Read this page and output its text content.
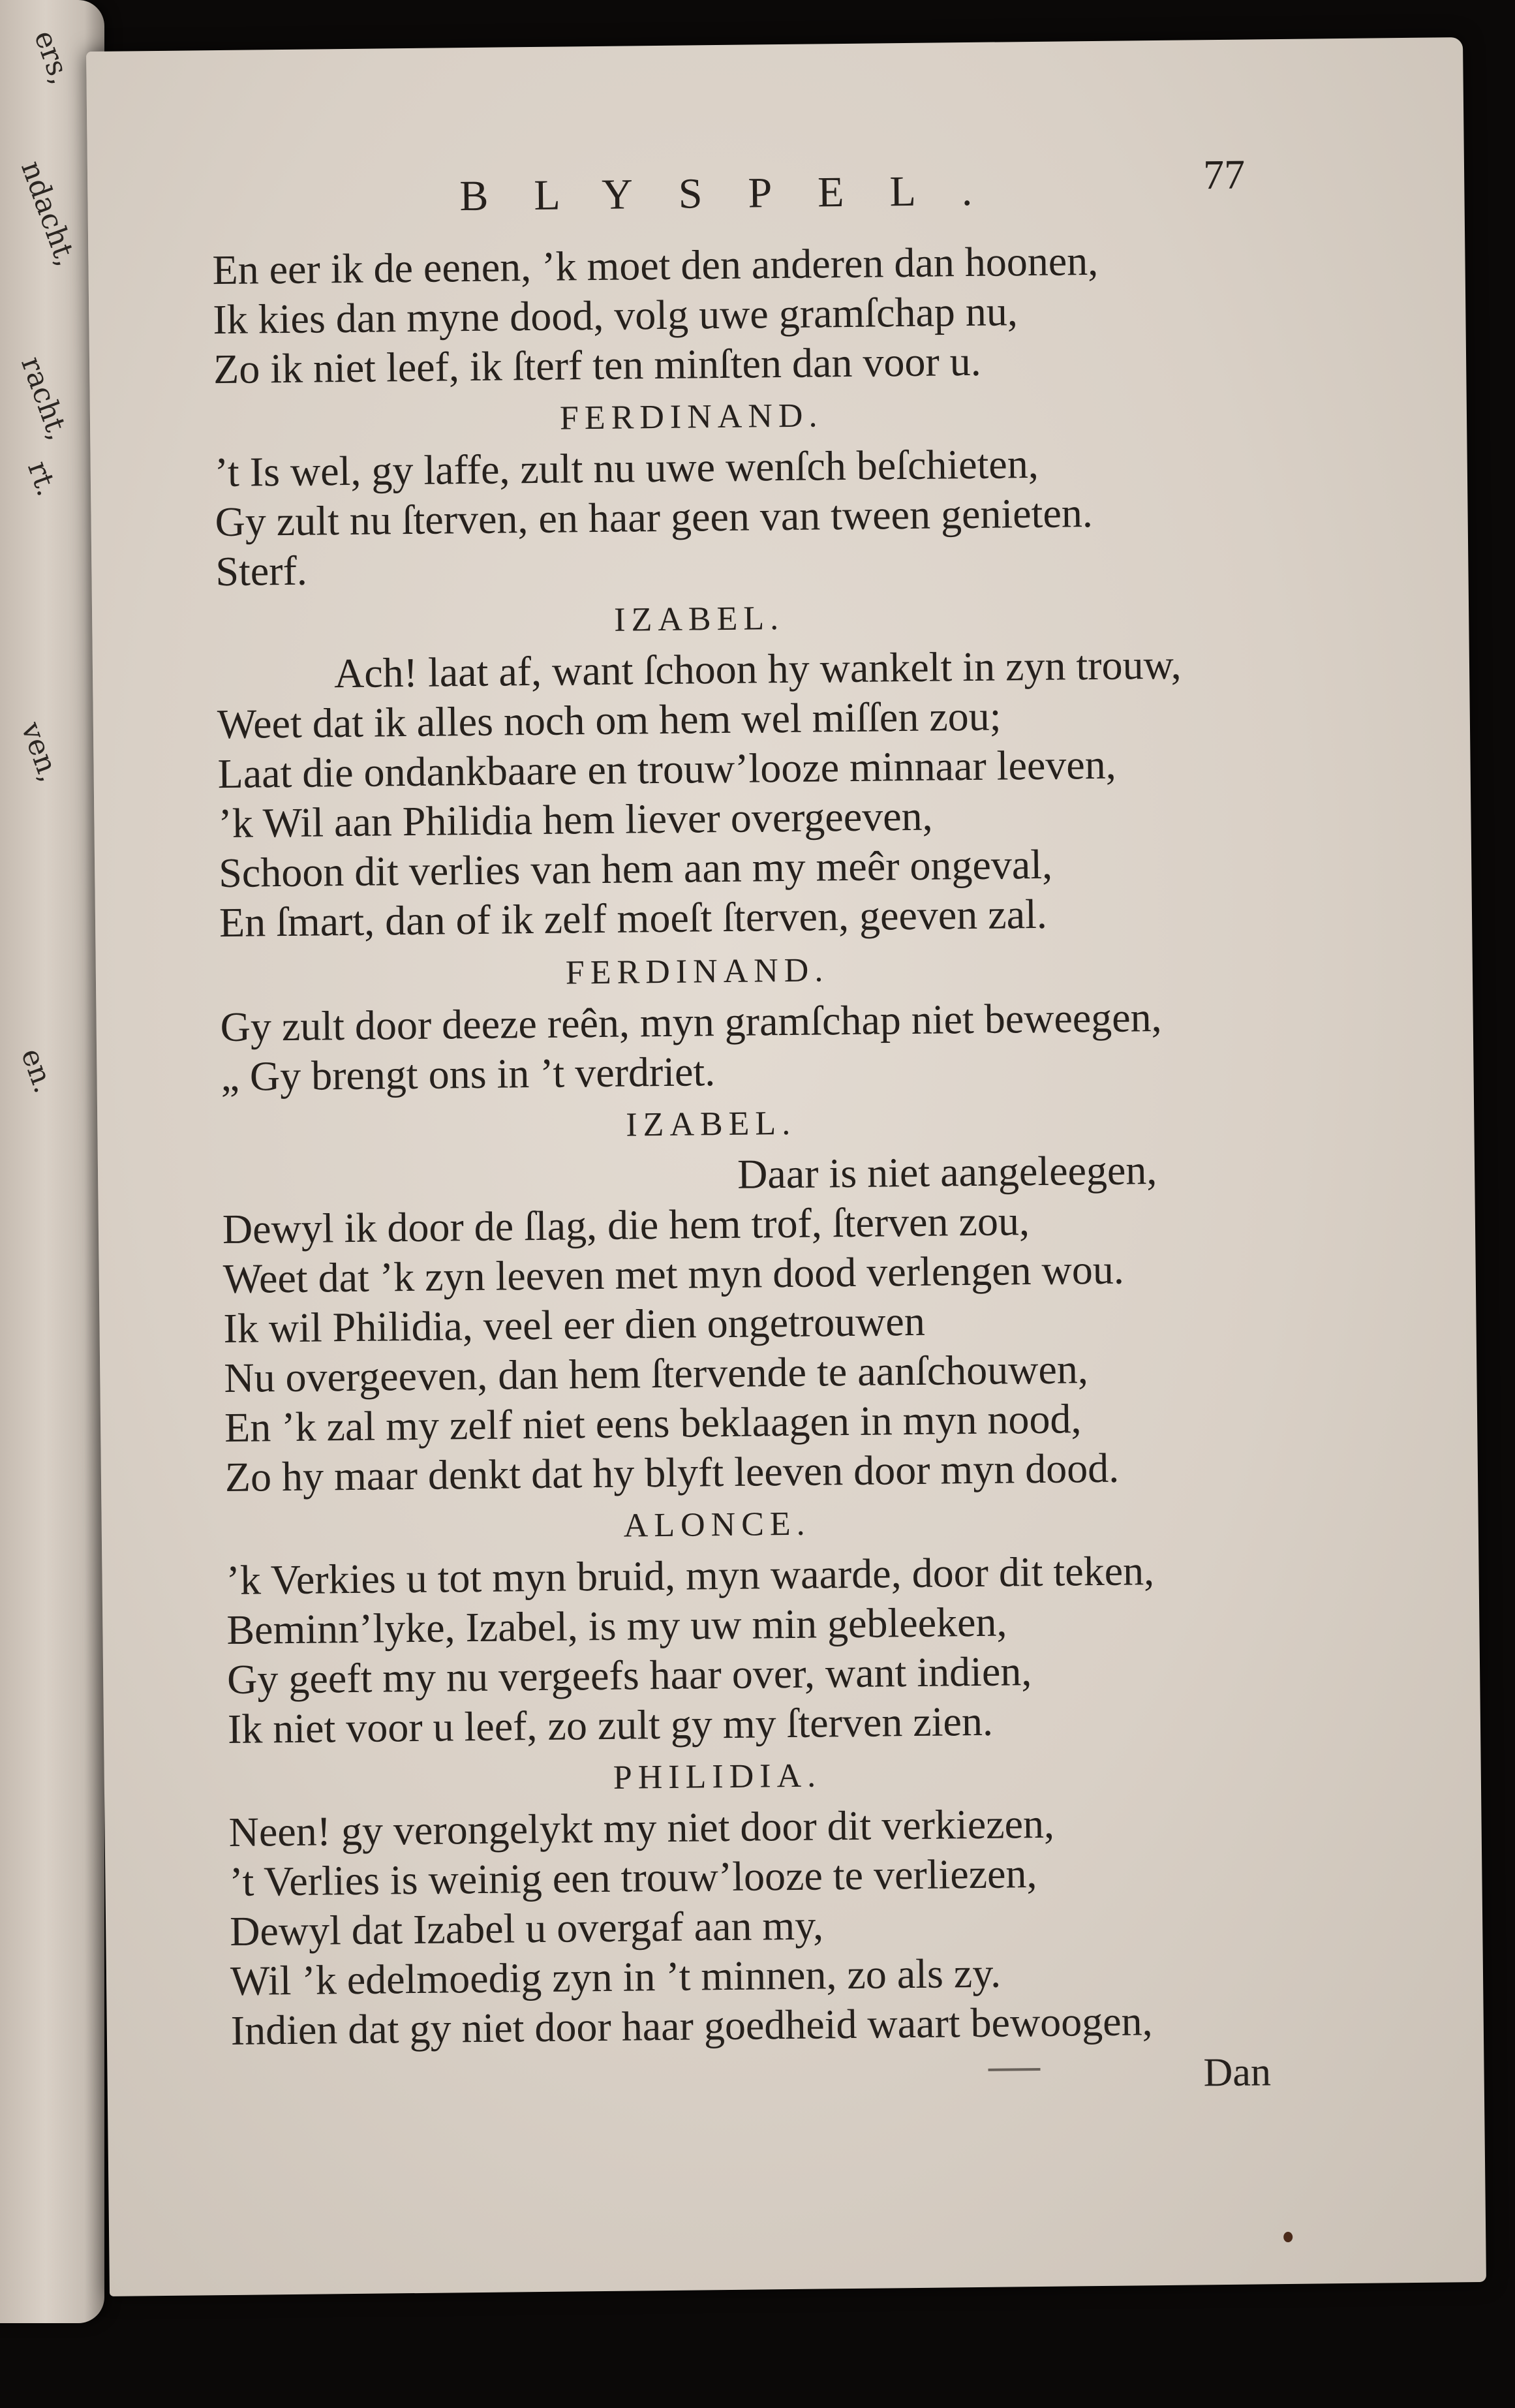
ers,
ndacht,
racht,
rt.
ven,
en.
BLYSPEL.	77
En eer ik de eenen, ’k moet den anderen dan hoonen,
Ik kies dan myne dood, volg uwe gramſchap nu,
Zo ik niet leef, ik ſterf ten minſten dan voor u.
FERDINAND.
’t Is wel, gy laffe, zult nu uwe wenſch beſchieten,
Gy zult nu ſterven, en haar geen van tween genieten.
Sterf.
IZABEL.
Ach! laat af, want ſchoon hy wankelt in zyn trouw,
Weet dat ik alles noch om hem wel miſſen zou;
Laat die ondankbaare en trouw’looze minnaar leeven,
’k Wil aan Philidia hem liever overgeeven,
Schoon dit verlies van hem aan my meêr ongeval,
En ſmart, dan of ik zelf moeſt ſterven, geeven zal.
FERDINAND.
Gy zult door deeze reên, myn gramſchap niet beweegen,
„ Gy brengt ons in ’t verdriet.
IZABEL.
Daar is niet aangeleegen,
Dewyl ik door de ſlag, die hem trof, ſterven zou,
Weet dat ’k zyn leeven met myn dood verlengen wou.
Ik wil Philidia, veel eer dien ongetrouwen
Nu overgeeven, dan hem ſtervende te aanſchouwen,
En ’k zal my zelf niet eens beklaagen in myn nood,
Zo hy maar denkt dat hy blyft leeven door myn dood.
ALONCE.
’k Verkies u tot myn bruid, myn waarde, door dit teken,
Beminn’lyke, Izabel, is my uw min gebleeken,
Gy geeft my nu vergeefs haar over, want indien,
Ik niet voor u leef, zo zult gy my ſterven zien.
PHILIDIA.
Neen! gy verongelykt my niet door dit verkiezen,
’t Verlies is weinig een trouw’looze te verliezen,
Dewyl dat Izabel u overgaf aan my,
Wil ’k edelmoedig zyn in ’t minnen, zo als zy.
Indien dat gy niet door haar goedheid waart bewoogen,
Dan
